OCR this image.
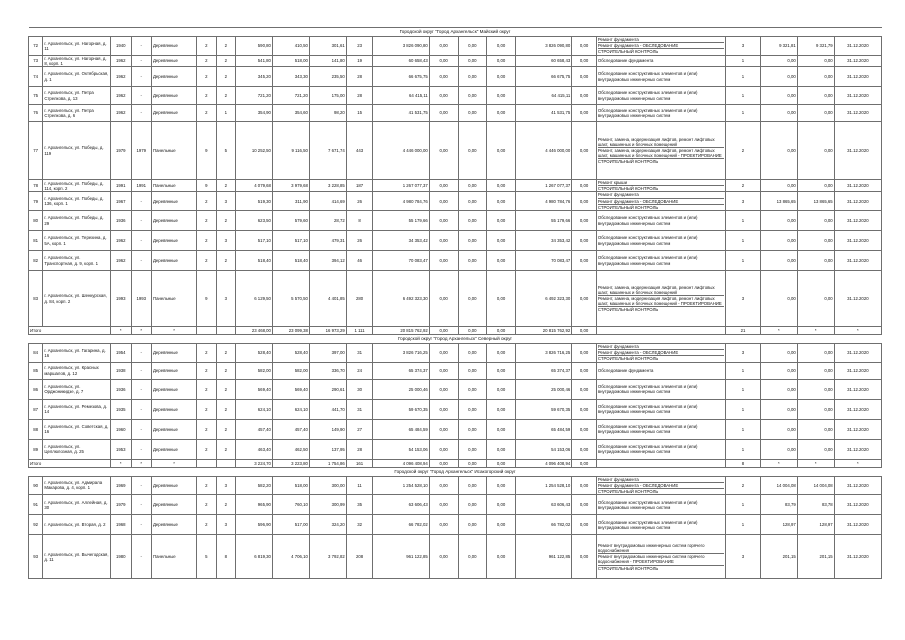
Городской округ "Город Архангельск" Майский округ																					
72	г. Архангельск, ул. Нагорная, д. 11	1940	-	Деревянные	2	2	590,80	410,50	301,61	23	3 826 090,80	0,00	0,00	0,00	3 826 090,80	0,00	Ремонт фундамента
Ремонт фундамента - ОБСЛЕДОВАНИЕ
СТРОИТЕЛЬНЫЙ КОНТРОЛЬ	3	9 321,81	9 321,79	31.12.2020
73	г. Архангельск, ул. Нагорная, д. 8, корп. 1	1962	-	Деревянные	2	2	541,80	518,00	141,80	19	60 658,43	0,00	0,00	0,00	60 658,43	0,00	Обследование фундамента	1	0,00	0,00	31.12.2020
74	г. Архангельск, ул. Октябрьская, д. 1	1962	-	Деревянные	2	2	345,20	343,30	235,50	28	66 675,75	0,00	0,00	0,00	66 675,75	0,00	Обследование конструктивных элементов и (или) внутридомовых инженерных систем	1	0,00	0,00	31.12.2020
75	г. Архангельск, ул. Петра Стрелкова, д. 13	1962	-	Деревянные	2	2	721,20	721,20	175,00	28	64 415,11	0,00	0,00	0,00	64 415,11	0,00	Обследование конструктивных элементов и (или) внутридомовых инженерных систем	1	0,00	0,00	31.12.2020
76	г. Архангельск, ул. Петра Стрелкова, д. 6	1962	-	Деревянные	2	1	354,90	354,60	98,20	15	41 531,75	0,00	0,00	0,00	41 531,75	0,00	Обследование конструктивных элементов и (или) внутридомовых инженерных систем	1	0,00	0,00	31.12.2020
77	г. Архангельск, ул. Победы, д. 119	1979	1979	Панельные	9	5	10 252,50	9 116,50	7 671,74	443	4 446 000,00	0,00	0,00	0,00	4 446 000,00	0,00	Ремонт, замена, модернизация лифтов, ремонт лифтовых шахт, машинных и блочных помещений
Ремонт, замена, модернизация лифтов, ремонт лифтовых шахт, машинных и блочных помещений - ПРОЕКТИРОВАНИЕ
СТРОИТЕЛЬНЫЙ КОНТРОЛЬ	2	0,00	0,00	31.12.2020
78	г. Архангельск, ул. Победы, д. 114, корп. 2	1991	1991	Панельные	9	2	4 079,68	3 979,68	3 228,85	187	1 267 077,37	0,00	0,00	0,00	1 267 077,37	0,00	Ремонт крыши
СТРОИТЕЛЬНЫЙ КОНТРОЛЬ	2	0,00	0,00	31.12.2020
79	г. Архангельск, ул. Победы, д. 136, корп. 1	1967	-	Деревянные	2	3	519,30	311,90	414,69	26	4 980 784,76	0,00	0,00	0,00	4 980 784,76	0,00	Ремонт фундамента
Ремонт фундамента - ОБСЛЕДОВАНИЕ
СТРОИТЕЛЬНЫЙ КОНТРОЛЬ	3	13 865,65	13 865,65	31.12.2020
80	г. Архангельск, ул. Победы, д. 29	1936	-	Деревянные	2	2	623,50	579,60	28,72	8	55 179,66	0,00	0,00	0,00	55 179,66	0,00	Обследование конструктивных элементов и (или) внутридомовых инженерных систем	1	0,00	0,00	31.12.2020
81	г. Архангельск, ул. Терехина, д. 5А, корп. 1	1962	-	Деревянные	2	3	517,10	517,10	479,31	26	34 353,42	0,00	0,00	0,00	34 353,42	0,00	Обследование конструктивных элементов и (или) внутридомовых инженерных систем	1	0,00	0,00	31.12.2020
82	г. Архангельск, ул. Транспортная, д. 9, корп. 1	1962	-	Деревянные	2	2	518,40	518,40	394,12	46	70 083,47	0,00	0,00	0,00	70 083,47	0,00	Обследование конструктивных элементов и (или) внутридомовых инженерных систем	1	0,00	0,00	31.12.2020
83	г. Архангельск, ул. Шенкурская, д. 84, корп. 2	1993	1993	Панельные	9	3	6 129,50	5 570,50	4 401,85	280	6 492 323,30	0,00	0,00	0,00	6 492 323,30	0,00	Ремонт, замена, модернизация лифтов, ремонт лифтовых шахт, машинных и блочных помещений
Ремонт, замена, модернизация лифтов, ремонт лифтовых шахт, машинных и блочных помещений - ПРОЕКТИРОВАНИЕ
СТРОИТЕЛЬНЫЙ КОНТРОЛЬ	3	0,00	0,00	31.12.2020
Итого		*	*	*			23 468,00	23 099,38	16 973,29	1 111	20 815 762,92	0,00	0,00	0,00	20 815 762,92	0,00		21	*	*	*
Городской округ "Город Архангельск" Северный округ																					
84	г. Архангельск, ул. Гагарина, д. 16	1954	-	Деревянные	2	2	528,40	528,40	397,00	31	3 826 716,25	0,00	0,00	0,00	3 826 716,25	0,00	Ремонт фундамента
Ремонт фундамента - ОБСЛЕДОВАНИЕ
СТРОИТЕЛЬНЫЙ КОНТРОЛЬ	3	0,00	0,00	31.12.2020
85	г. Архангельск, ул. Красных маршалов, д. 12	1938	-	Деревянные	2	2	582,00	582,00	336,70	24	65 374,37	0,00	0,00	0,00	65 374,37	0,00	Обследование фундамента	1	0,00	0,00	31.12.2020
86	г. Архангельск, ул. Орджоникидзе, д. 7	1936	-	Деревянные	2	2	569,40	569,40	290,61	30	25 000,46	0,00	0,00	0,00	25 000,46	0,00	Обследование конструктивных элементов и (или) внутридомовых инженерных систем	1	0,00	0,00	31.12.2020
87	г. Архангельск, ул. Ремезова, д. 14	1935	-	Деревянные	2	2	624,10	624,10	441,70	31	59 670,35	0,00	0,00	0,00	59 670,35	0,00	Обследование конструктивных элементов и (или) внутридомовых инженерных систем	1	0,00	0,00	31.12.2020
88	г. Архангельск, ул. Советская, д. 16	1960	-	Деревянные	2	2	457,40	457,40	149,90	27	65 484,59	0,00	0,00	0,00	65 484,59	0,00	Обследование конструктивных элементов и (или) внутридомовых инженерных систем	1	0,00	0,00	31.12.2020
89	г. Архангельск, ул. Целлюлозная, д. 25	1953	-	Деревянные	2	2	463,40	462,50	137,95	28	54 153,06	0,00	0,00	0,00	54 153,06	0,00	Обследование конструктивных элементов и (или) внутридомовых инженерных систем	1	0,00	0,00	31.12.2020
Итого		*	*	*			3 224,70	3 223,80	1 754,86	161	4 096 408,94	0,00	0,00	0,00	4 096 408,94	0,00		8	*	*	*
Городской округ "Город Архангельск" Исакогорский округ																					
90	г. Архангельск, ул. Адмирала Макарова, д. 4, корп. 1	1969	-	Деревянные	2	3	582,20	518,00	300,00	11	1 254 528,10	0,00	0,00	0,00	1 254 528,10	0,00	Ремонт фундамента
Ремонт фундамента - ОБСЛЕДОВАНИЕ
СТРОИТЕЛЬНЫЙ КОНТРОЛЬ	2	14 004,08	14 004,08	31.12.2020
91	г. Архангельск, ул. Аллейная, д. 30	1979	-	Деревянные	2	2	965,90	760,10	300,99	35	63 606,43	0,00	0,00	0,00	63 606,43	0,00	Обследование конструктивных элементов и (или) внутридомовых инженерных систем	1	83,79	83,78	31.12.2020
92	г. Архангельск, ул. Вторая, д. 2	1968	-	Деревянные	2	3	596,90	517,00	324,20	32	66 782,02	0,00	0,00	0,00	66 782,02	0,00	Обследование конструктивных элементов и (или) внутридомовых инженерных систем	1	128,97	128,97	31.12.2020
93	г. Архангельск, ул. Вычегодская, д. 11	1980	-	Панельные	5	8	6 819,30	4 706,10	3 792,82	208	961 122,85	0,00	0,00	0,00	961 122,85	0,00	Ремонт внутридомовых инженерных систем горячего водоснабжения
Ремонт внутридомовых инженерных систем горячего водоснабжения - ПРОЕКТИРОВАНИЕ
СТРОИТЕЛЬНЫЙ КОНТРОЛЬ	3	201,15	201,15	31.12.2020
